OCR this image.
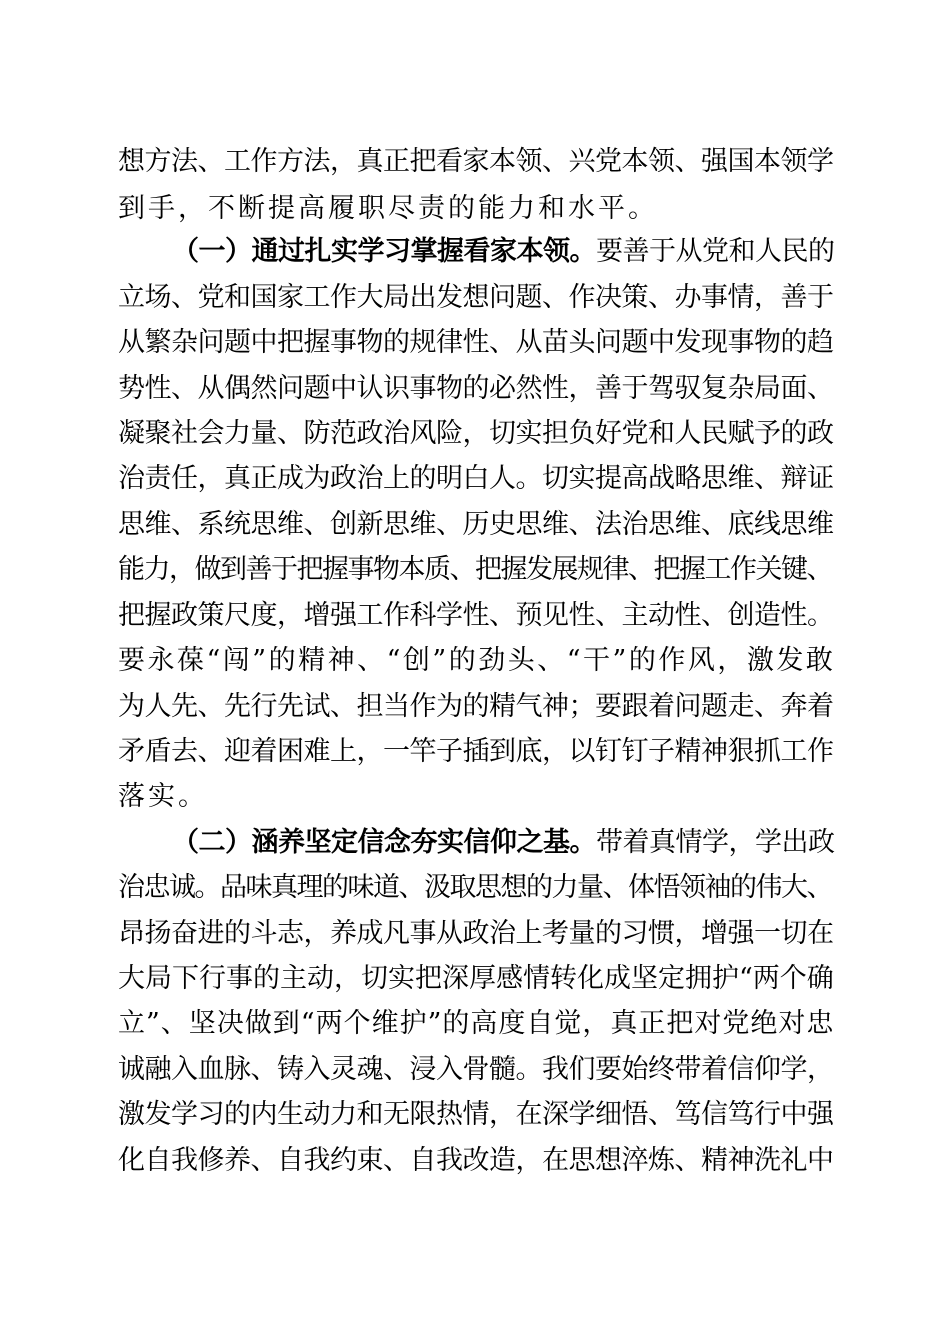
想方法、工作方法，真正把看家本领、兴党本领、强国本领学
到手，不断提高履职尽责的能力和水平。
（一）通过扎实学习掌握看家本领。要善于从党和人民的
立场、党和国家工作大局出发想问题、作决策、办事情，善于
从繁杂问题中把握事物的规律性、从苗头问题中发现事物的趋
势性、从偶然问题中认识事物的必然性，善于驾驭复杂局面、
凝聚社会力量、防范政治风险，切实担负好党和人民赋予的政
治责任，真正成为政治上的明白人。切实提高战略思维、辩证
思维、系统思维、创新思维、历史思维、法治思维、底线思维
能力，做到善于把握事物本质、把握发展规律、把握工作关键、
把握政策尺度，增强工作科学性、预见性、主动性、创造性。
要永葆“闯”的精神、“创”的劲头、“干”的作风，激发敢
为人先、先行先试、担当作为的精气神；要跟着问题走、奔着
矛盾去、迎着困难上，一竿子插到底，以钉钉子精神狠抓工作
落实。
（二）涵养坚定信念夯实信仰之基。带着真情学，学出政
治忠诚。品味真理的味道、汲取思想的力量、体悟领袖的伟大、
昂扬奋进的斗志，养成凡事从政治上考量的习惯，增强一切在
大局下行事的主动，切实把深厚感情转化成坚定拥护“两个确
立”、坚决做到“两个维护”的高度自觉，真正把对党绝对忠
诚融入血脉、铸入灵魂、浸入骨髓。我们要始终带着信仰学，
激发学习的内生动力和无限热情，在深学细悟、笃信笃行中强
化自我修养、自我约束、自我改造，在思想淬炼、精神洗礼中
